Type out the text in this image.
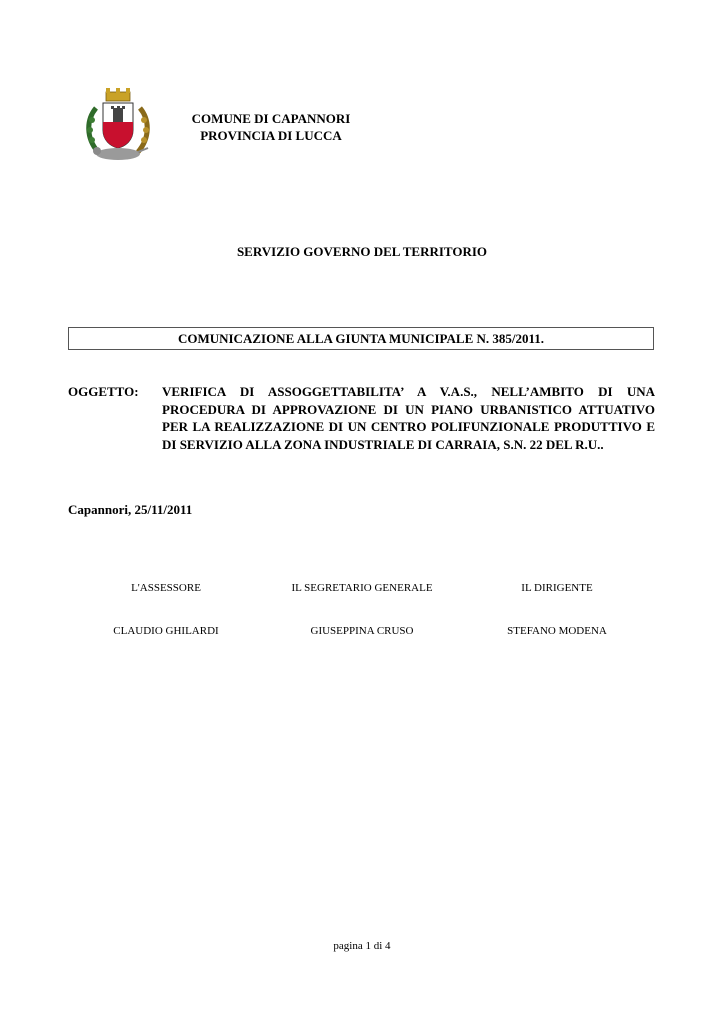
COMUNE DI CAPANNORI
PROVINCIA DI LUCCA
SERVIZIO GOVERNO DEL TERRITORIO
COMUNICAZIONE ALLA GIUNTA MUNICIPALE N. 385/2011.
OGGETTO: VERIFICA DI ASSOGGETTABILITA’ A V.A.S., NELL’AMBITO DI UNA PROCEDURA DI APPROVAZIONE DI UN PIANO URBANISTICO ATTUATIVO PER LA REALIZZAZIONE DI UN CENTRO POLIFUNZIONALE PRODUTTIVO E DI SERVIZIO ALLA ZONA INDUSTRIALE DI CARRAIA, S.N. 22 DEL R.U..
Capannori, 25/11/2011
L'ASSESSORE	IL SEGRETARIO GENERALE	IL DIRIGENTE
CLAUDIO GHILARDI	GIUSEPPINA CRUSO	STEFANO MODENA
pagina 1 di 4
